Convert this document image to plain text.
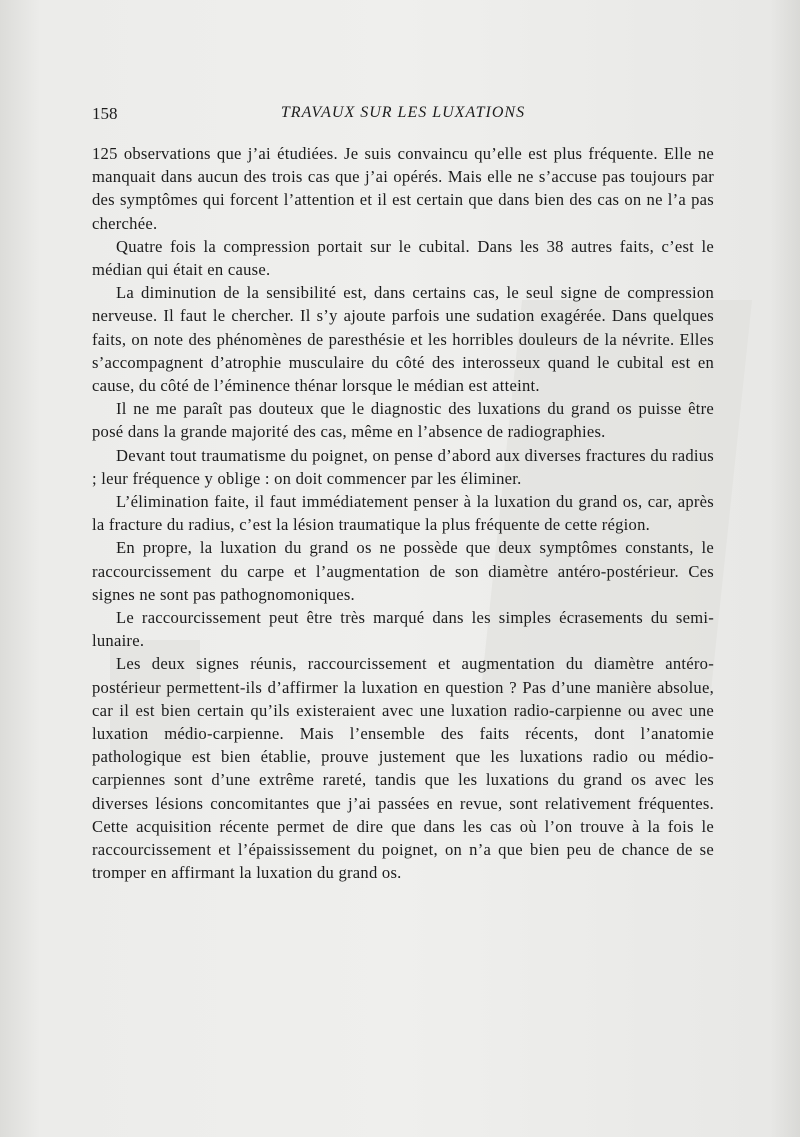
158	TRAVAUX SUR LES LUXATIONS

125 observations que j’ai étudiées. Je suis convaincu qu’elle est plus fréquente. Elle ne manquait dans aucun des trois cas que j’ai opérés. Mais elle ne s’accuse pas toujours par des symptômes qui forcent l’attention et il est certain que dans bien des cas on ne l’a pas cherchée.

Quatre fois la compression portait sur le cubital. Dans les 38 autres faits, c’est le médian qui était en cause.

La diminution de la sensibilité est, dans certains cas, le seul signe de compression nerveuse. Il faut le chercher. Il s’y ajoute parfois une sudation exagérée. Dans quelques faits, on note des phénomènes de paresthésie et les horribles douleurs de la névrite. Elles s’accompagnent d’atrophie musculaire du côté des interosseux quand le cubital est en cause, du côté de l’éminence thénar lorsque le médian est atteint.

Il ne me paraît pas douteux que le diagnostic des luxations du grand os puisse être posé dans la grande majorité des cas, même en l’absence de radiographies.

Devant tout traumatisme du poignet, on pense d’abord aux diverses fractures du radius ; leur fréquence y oblige : on doit commencer par les éliminer.

L’élimination faite, il faut immédiatement penser à la luxation du grand os, car, après la fracture du radius, c’est la lésion traumatique la plus fréquente de cette région.

En propre, la luxation du grand os ne possède que deux symptômes constants, le raccourcissement du carpe et l’augmentation de son diamètre antéro-postérieur. Ces signes ne sont pas pathognomoniques.

Le raccourcissement peut être très marqué dans les simples écrasements du semi-lunaire.

Les deux signes réunis, raccourcissement et augmentation du diamètre antéro-postérieur permettent-ils d’affirmer la luxation en question ? Pas d’une manière absolue, car il est bien certain qu’ils existeraient avec une luxation radio-carpienne ou avec une luxation médio-carpienne. Mais l’ensemble des faits récents, dont l’anatomie pathologique est bien établie, prouve justement que les luxations radio ou médio-carpiennes sont d’une extrême rareté, tandis que les luxations du grand os avec les diverses lésions concomitantes que j’ai passées en revue, sont relativement fréquentes. Cette acquisition récente permet de dire que dans les cas où l’on trouve à la fois le raccourcissement et l’épaississement du poignet, on n’a que bien peu de chance de se tromper en affirmant la luxation du grand os.
